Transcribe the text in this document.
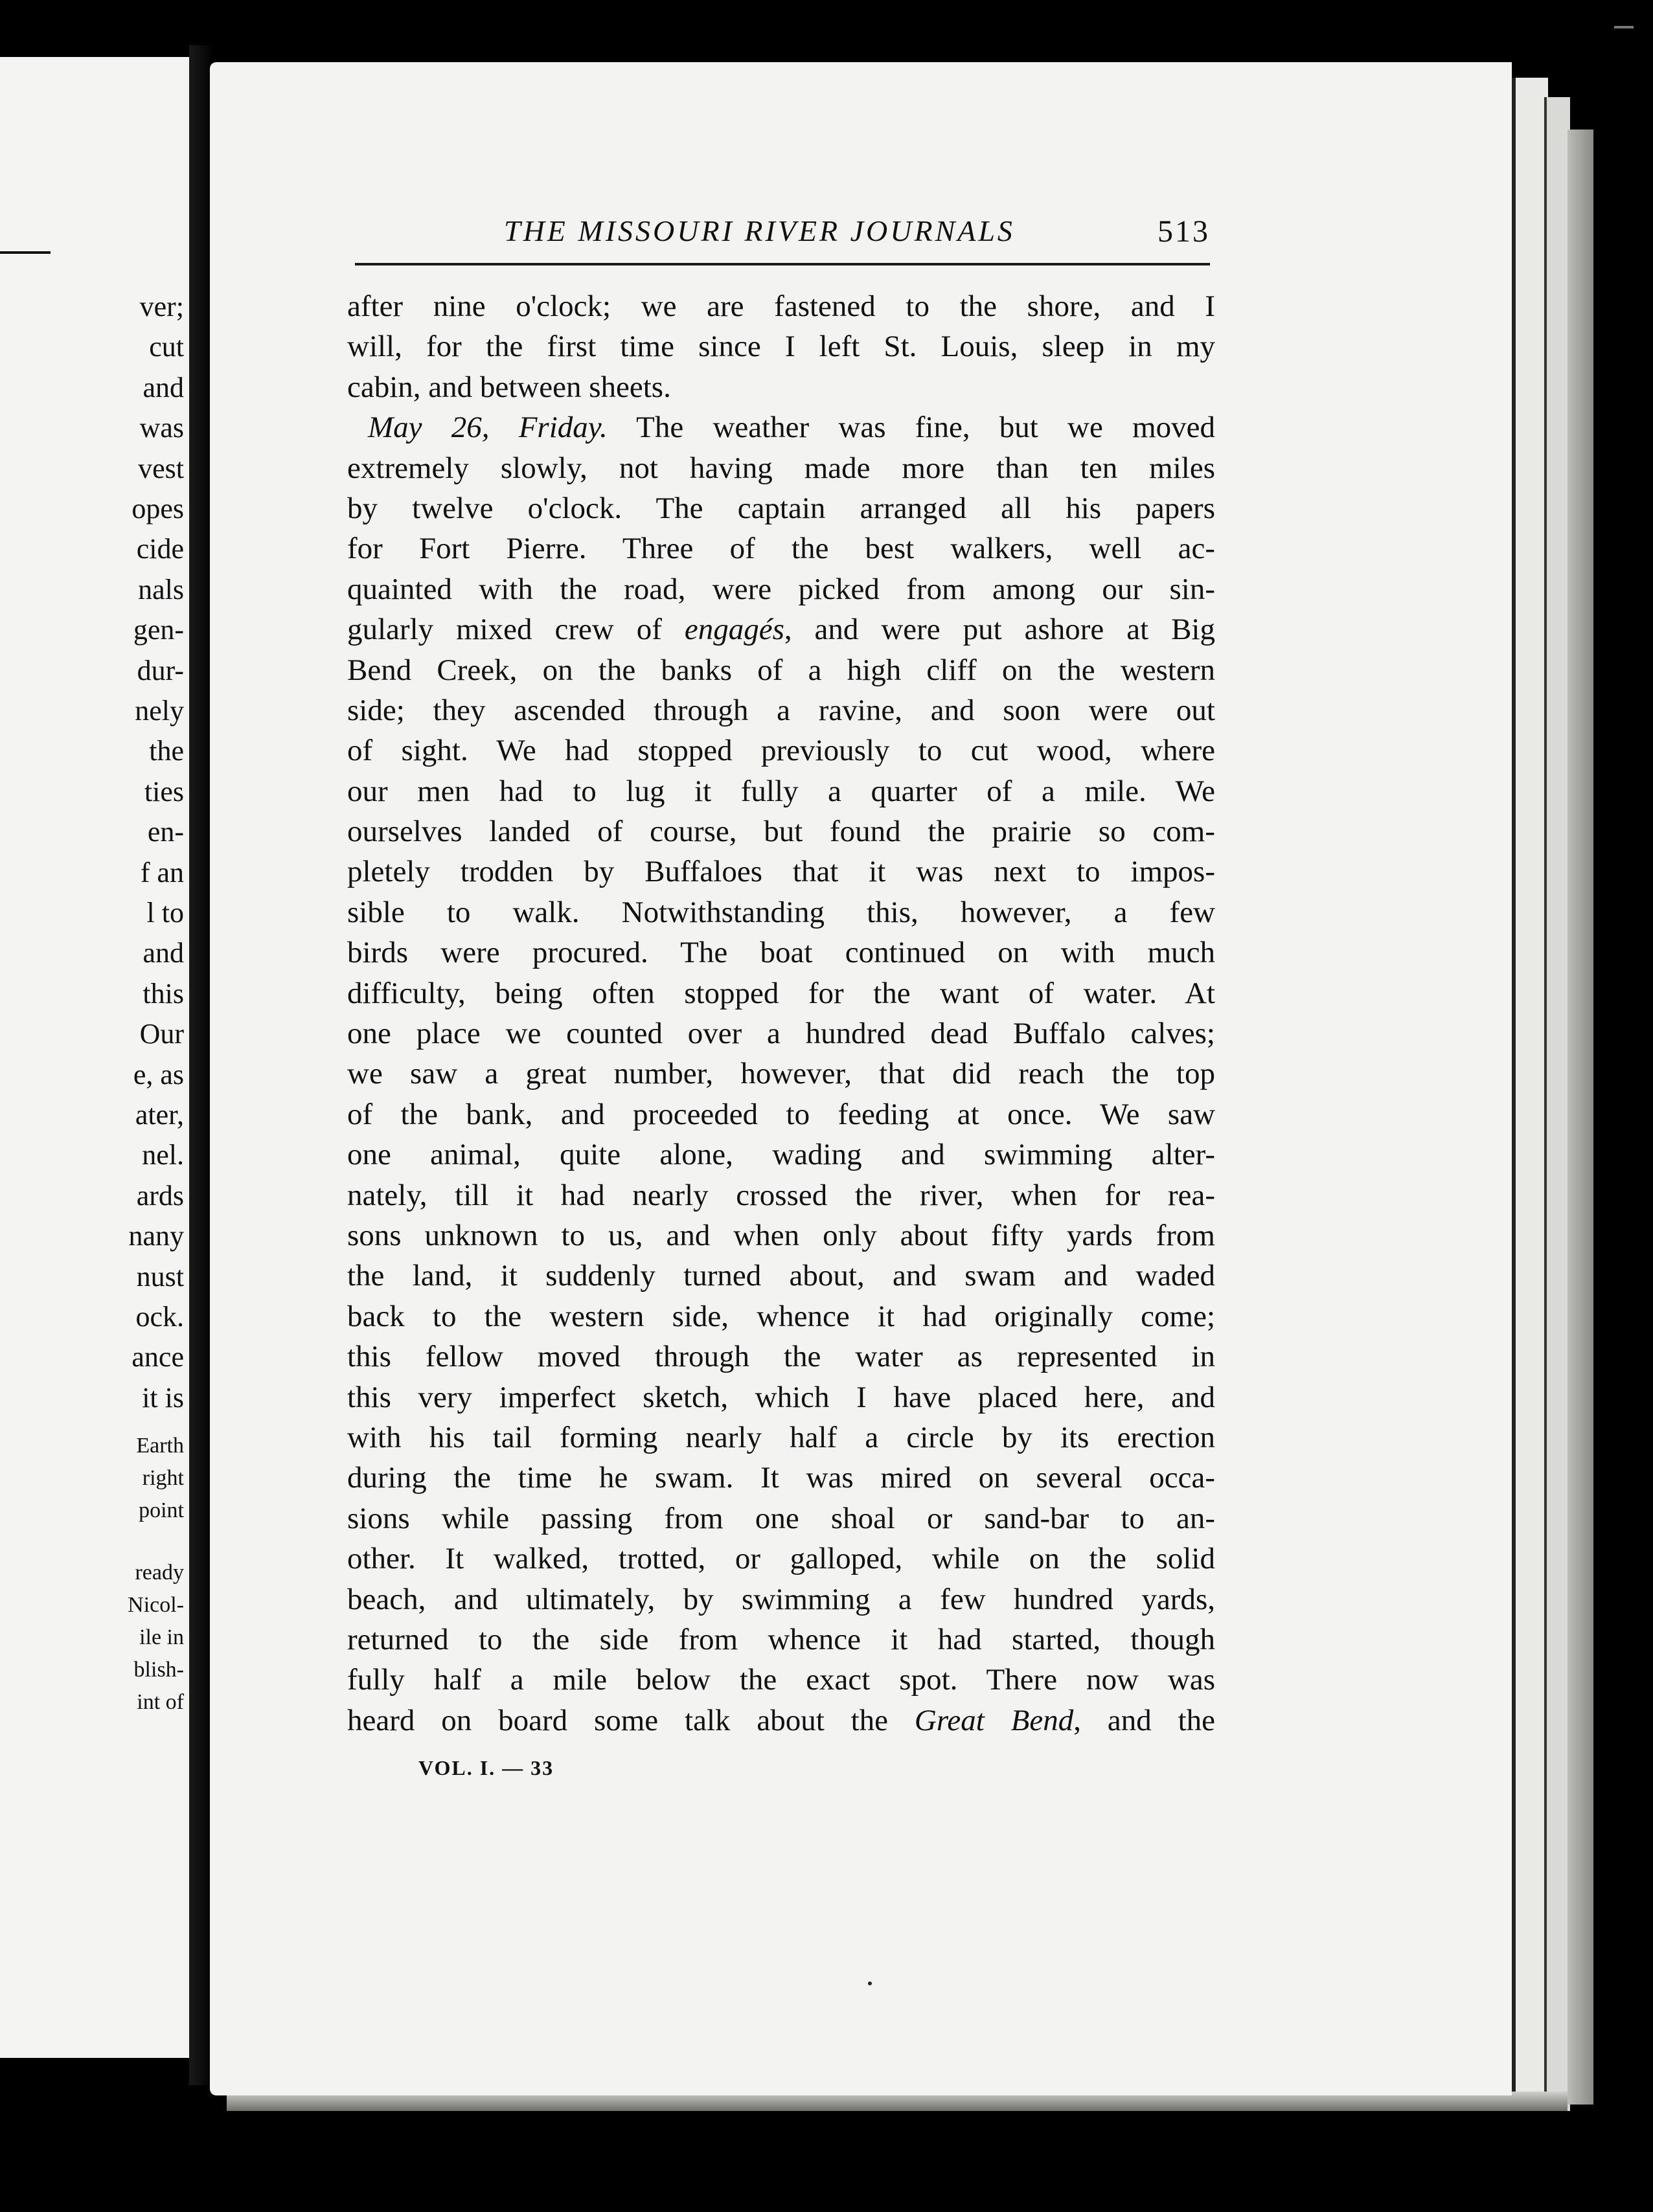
ver;
cut
and
was
vest
opes
cide
nals
gen-
dur-
nely
the
ties
en-
f an
l to
and
this
Our
e, as
ater,
nel.
ards
nany
nust
ock.
ance
it is
Earth
right
point
ready
Nicol-
ile in
blish-
int of
THE MISSOURI RIVER JOURNALS	513
after nine o'clock; we are fastened to the shore, and I
will, for the first time since I left St. Louis, sleep in my
cabin, and between sheets.
May 26, Friday. The weather was fine, but we moved
extremely slowly, not having made more than ten miles
by twelve o'clock. The captain arranged all his papers
for Fort Pierre. Three of the best walkers, well ac-
quainted with the road, were picked from among our sin-
gularly mixed crew of engagés, and were put ashore at Big
Bend Creek, on the banks of a high cliff on the western
side; they ascended through a ravine, and soon were out
of sight. We had stopped previously to cut wood, where
our men had to lug it fully a quarter of a mile. We
ourselves landed of course, but found the prairie so com-
pletely trodden by Buffaloes that it was next to impos-
sible to walk. Notwithstanding this, however, a few
birds were procured. The boat continued on with much
difficulty, being often stopped for the want of water. At
one place we counted over a hundred dead Buffalo calves;
we saw a great number, however, that did reach the top
of the bank, and proceeded to feeding at once. We saw
one animal, quite alone, wading and swimming alter-
nately, till it had nearly crossed the river, when for rea-
sons unknown to us, and when only about fifty yards from
the land, it suddenly turned about, and swam and waded
back to the western side, whence it had originally come;
this fellow moved through the water as represented in
this very imperfect sketch, which I have placed here, and
with his tail forming nearly half a circle by its erection
during the time he swam. It was mired on several occa-
sions while passing from one shoal or sand-bar to an-
other. It walked, trotted, or galloped, while on the solid
beach, and ultimately, by swimming a few hundred yards,
returned to the side from whence it had started, though
fully half a mile below the exact spot. There now was
heard on board some talk about the Great Bend, and the
VOL. I. — 33
